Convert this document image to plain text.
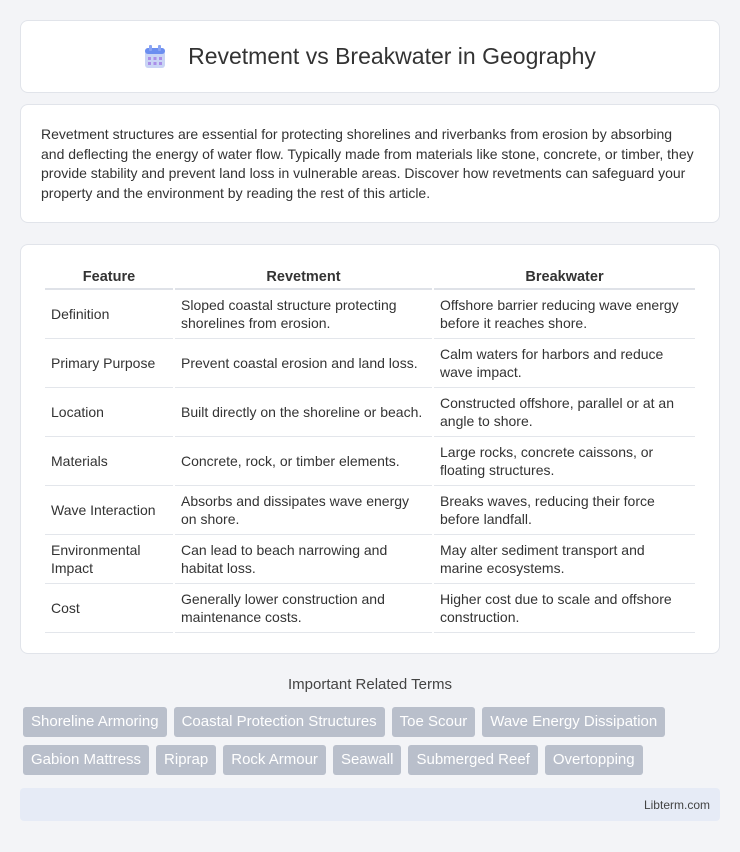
Revetment vs Breakwater in Geography

Revetment structures are essential for protecting shorelines and riverbanks from erosion by absorbing and deflecting the energy of water flow. Typically made from materials like stone, concrete, or timber, they provide stability and prevent land loss in vulnerable areas. Discover how revetments can safeguard your property and the environment by reading the rest of this article.

Feature	Revetment	Breakwater
Definition	Sloped coastal structure protecting shorelines from erosion.	Offshore barrier reducing wave energy before it reaches shore.
Primary Purpose	Prevent coastal erosion and land loss.	Calm waters for harbors and reduce wave impact.
Location	Built directly on the shoreline or beach.	Constructed offshore, parallel or at an angle to shore.
Materials	Concrete, rock, or timber elements.	Large rocks, concrete caissons, or floating structures.
Wave Interaction	Absorbs and dissipates wave energy on shore.	Breaks waves, reducing their force before landfall.
Environmental Impact	Can lead to beach narrowing and habitat loss.	May alter sediment transport and marine ecosystems.
Cost	Generally lower construction and maintenance costs.	Higher cost due to scale and offshore construction.
Important Related Terms
Shoreline Armoring	Coastal Protection Structures	Toe Scour	Wave Energy Dissipation
Gabion Mattress	Riprap	Rock Armour	Seawall	Submerged Reef	Overtopping
Libterm.com
